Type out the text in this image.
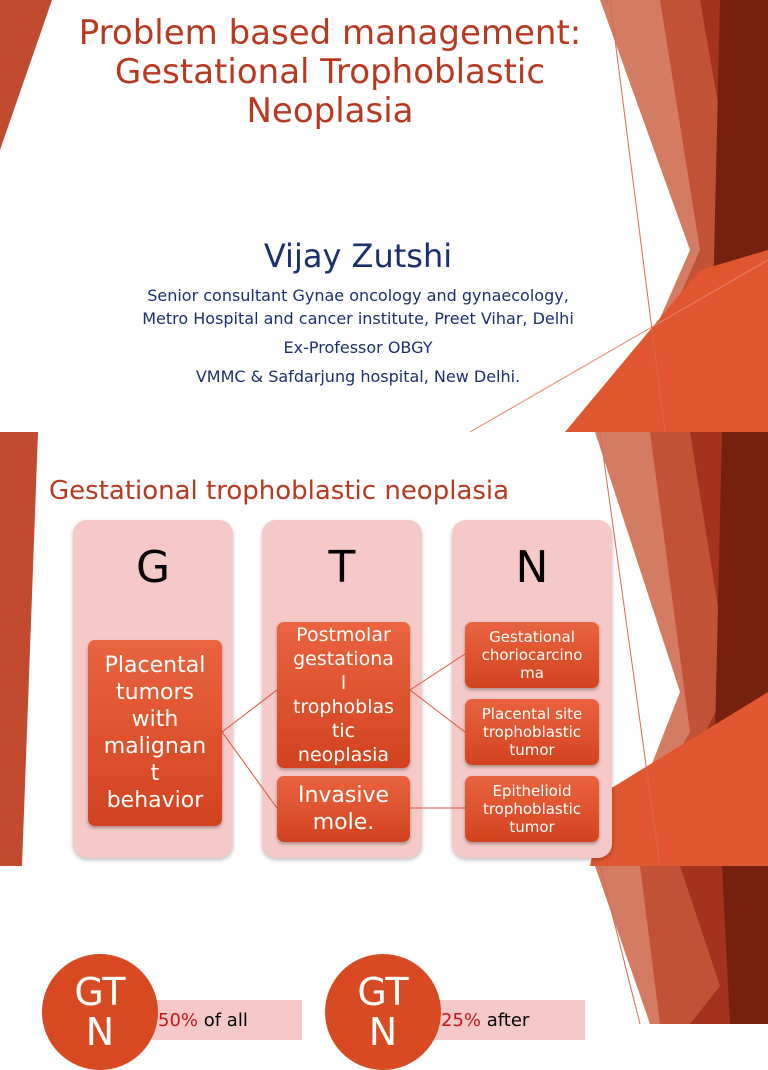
Problem based management: Gestational Trophoblastic Neoplasia

Vijay Zutshi

Senior consultant Gynae oncology and gynaecology,

Metro Hospital and cancer institute, Preet Vihar, Delhi

Ex-Professor OBGY

VMMC & Safdarjung hospital, New Delhi.

Gestational trophoblastic neoplasia

G	T	N
Placental
tumors
with
malignan
t
behavior
Postmolar
gestationa
l
trophoblas
tic
neoplasia
Invasive
mole.
Gestational
choriocarcino
ma
Placental site
trophoblastic
tumor
Epithelioid
trophoblastic
tumor
50% of all
GT
N	25% after
GT
N
